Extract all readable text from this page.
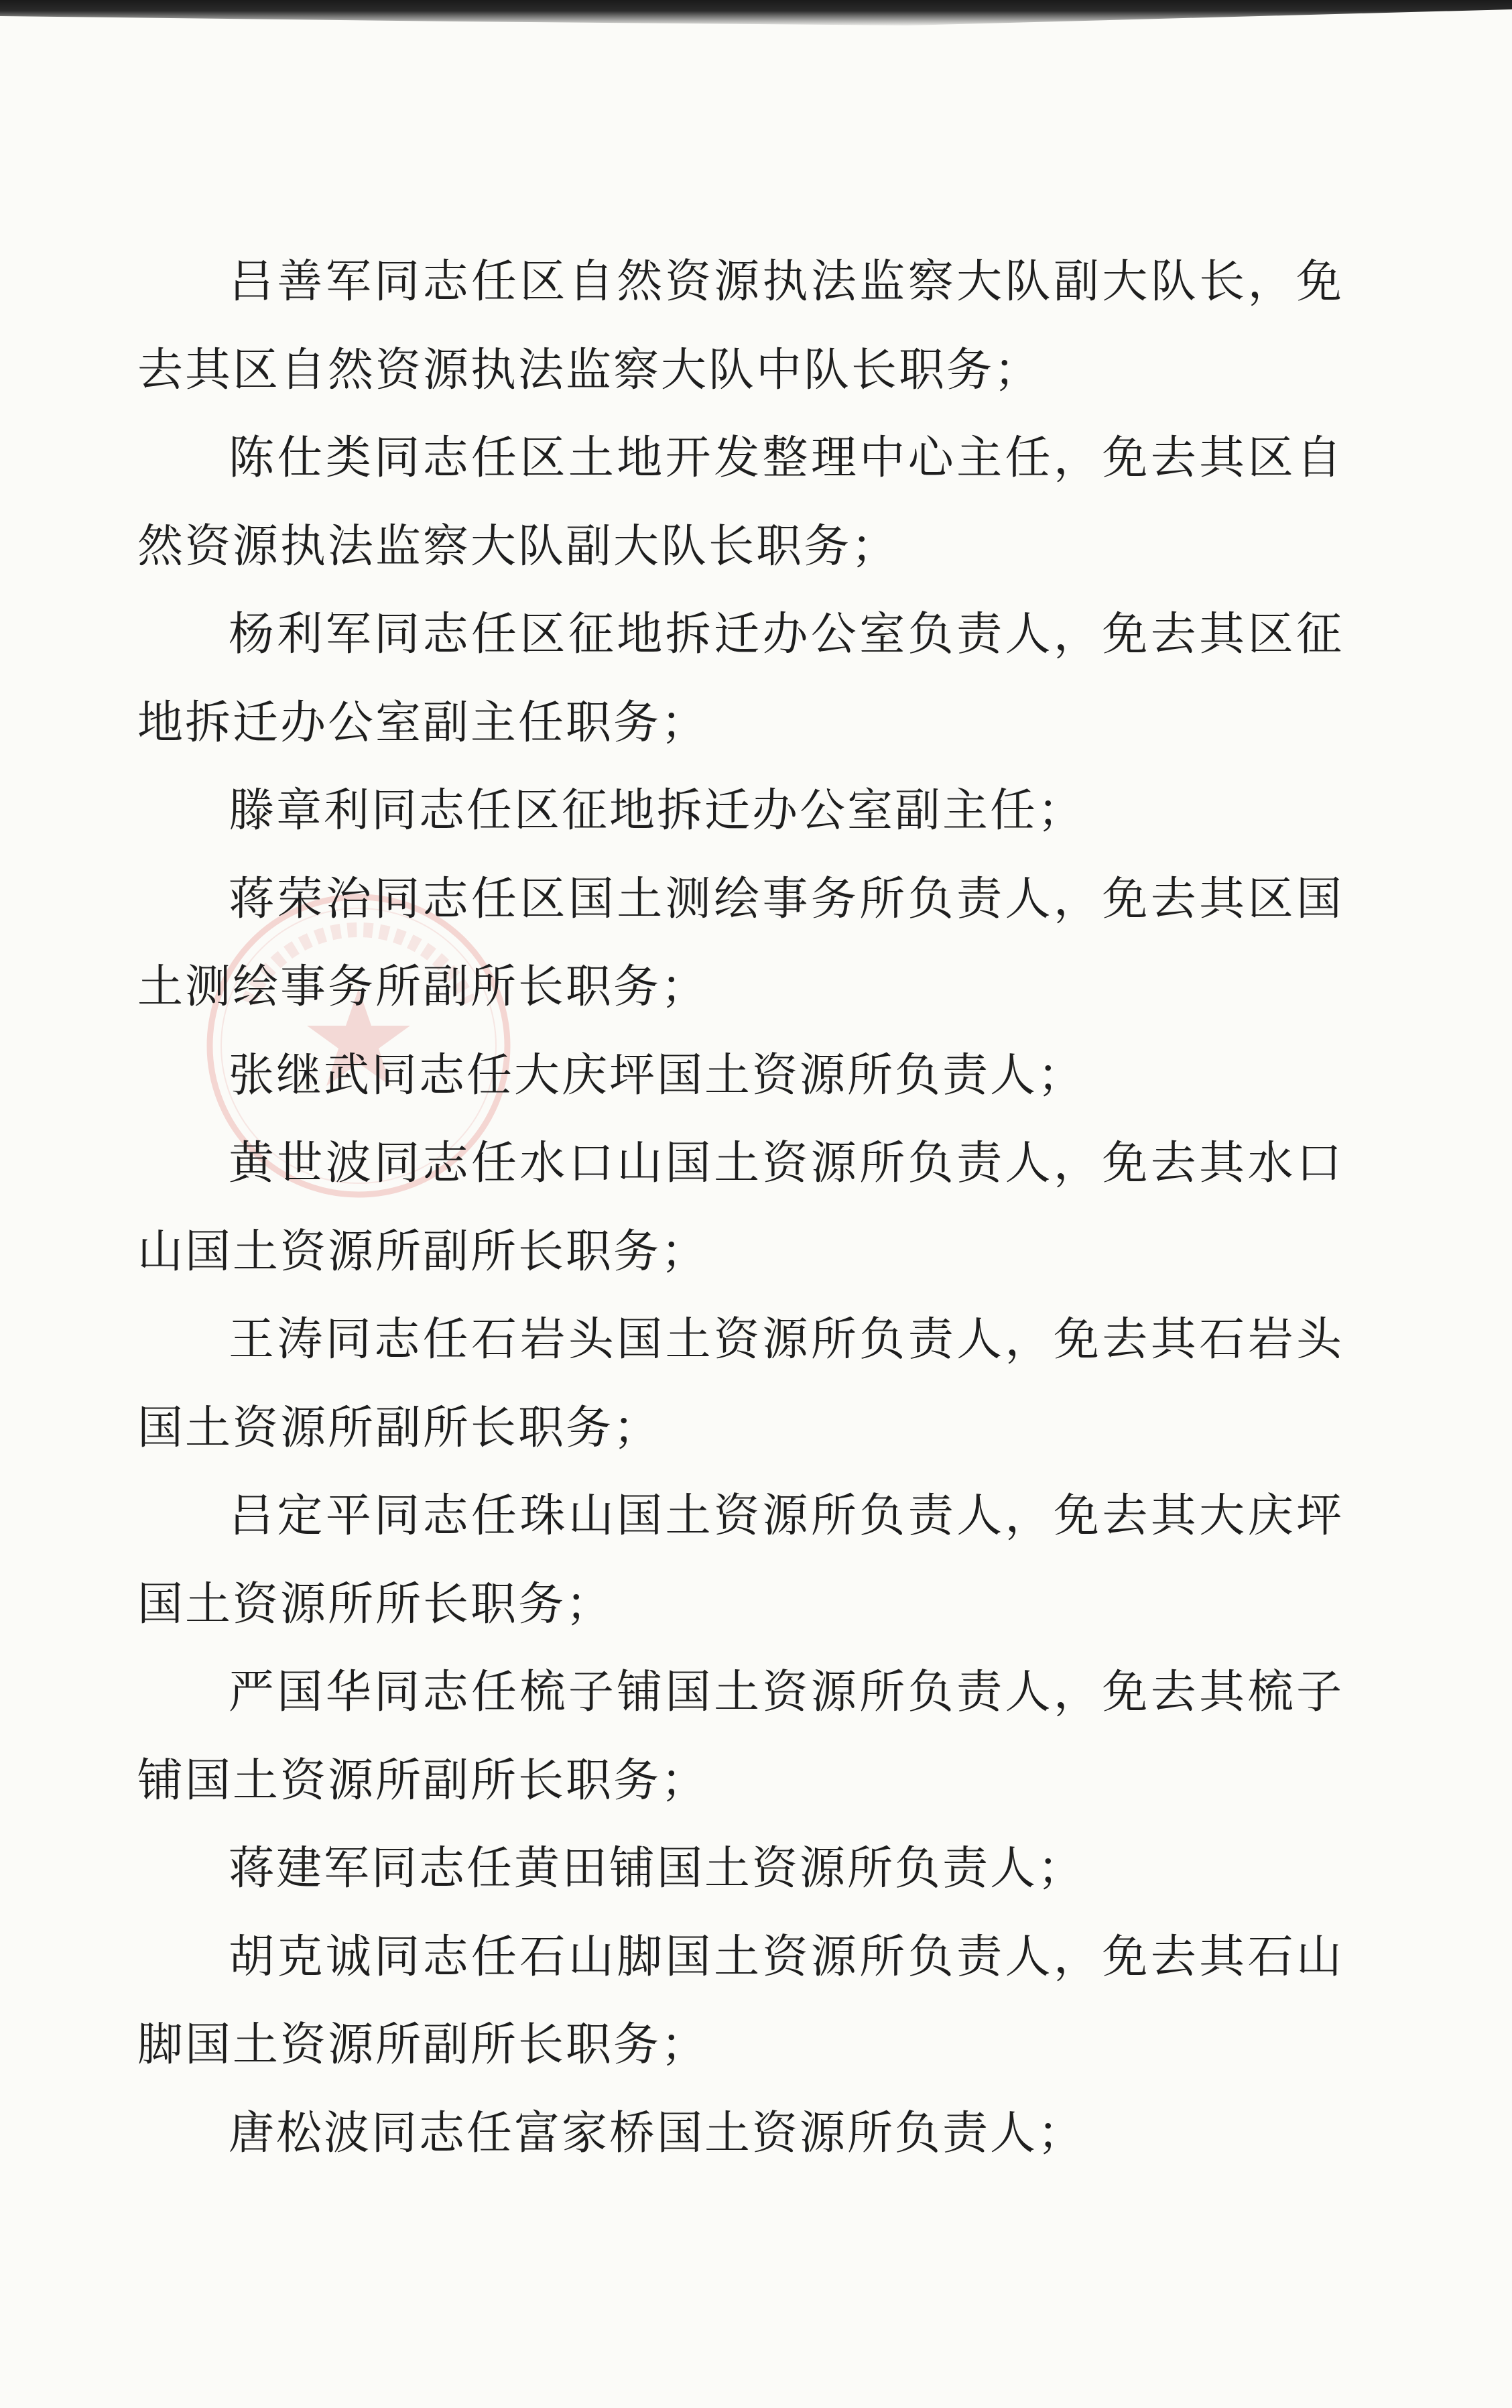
吕善军同志任区自然资源执法监察大队副大队长，免去其区自然资源执法监察大队中队长职务；

陈仕类同志任区土地开发整理中心主任，免去其区自然资源执法监察大队副大队长职务；

杨利军同志任区征地拆迁办公室负责人，免去其区征地拆迁办公室副主任职务；

滕章利同志任区征地拆迁办公室副主任；

蒋荣治同志任区国土测绘事务所负责人，免去其区国土测绘事务所副所长职务；

张继武同志任大庆坪国土资源所负责人；

黄世波同志任水口山国土资源所负责人，免去其水口山国土资源所副所长职务；

王涛同志任石岩头国土资源所负责人，免去其石岩头国土资源所副所长职务；

吕定平同志任珠山国土资源所负责人，免去其大庆坪国土资源所所长职务；

严国华同志任梳子铺国土资源所负责人，免去其梳子铺国土资源所副所长职务；

蒋建军同志任黄田铺国土资源所负责人；

胡克诚同志任石山脚国土资源所负责人，免去其石山脚国土资源所副所长职务；

唐松波同志任富家桥国土资源所负责人；
